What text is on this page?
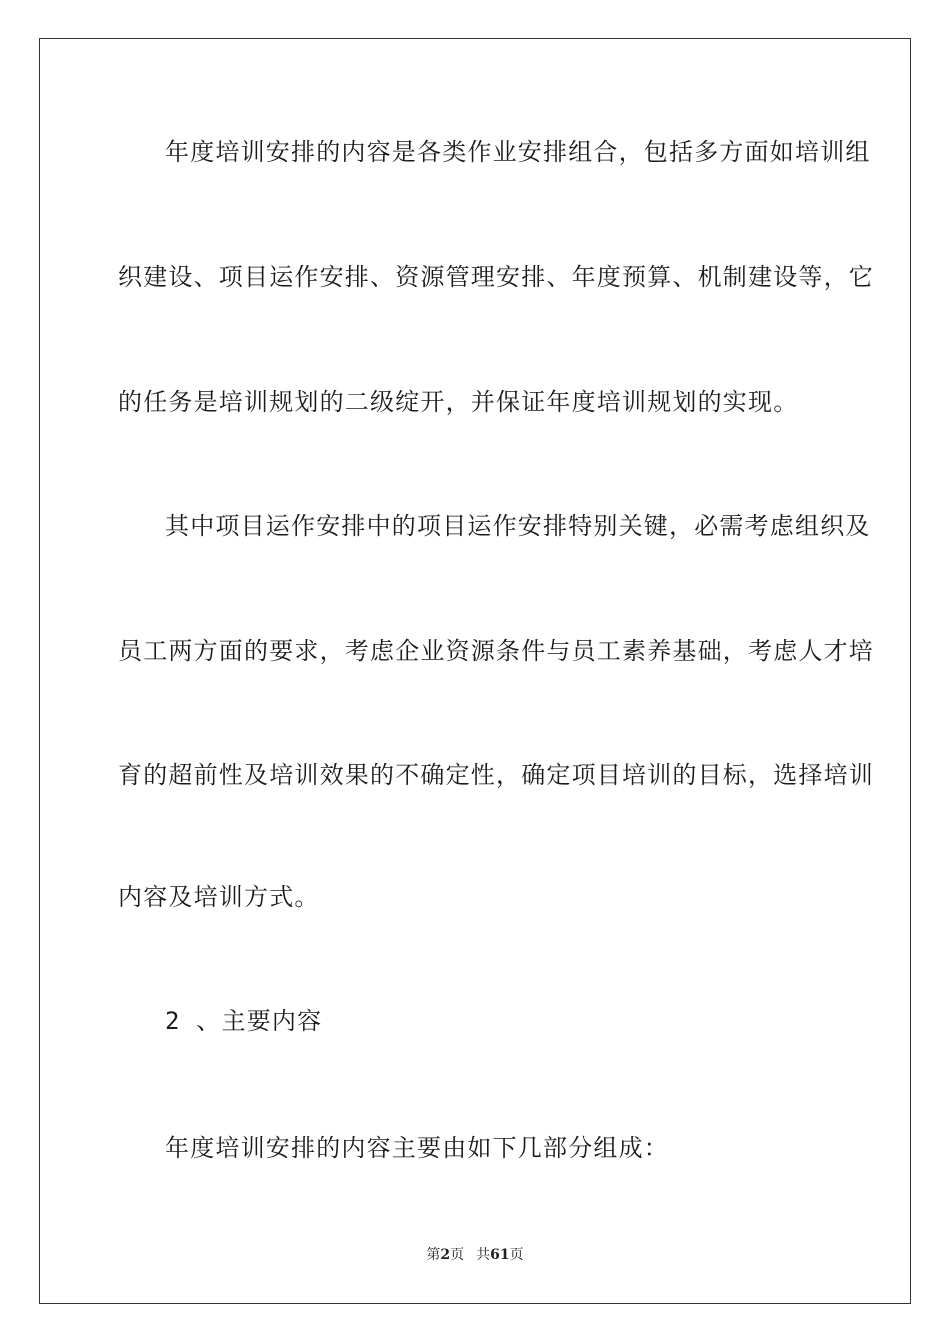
年度培训安排的内容是各类作业安排组合，包括多方面如培训组
织建设、项目运作安排、资源管理安排、年度预算、机制建设等，它
的任务是培训规划的二级绽开，并保证年度培训规划的实现。
其中项目运作安排中的项目运作安排特别关键，必需考虑组织及
员工两方面的要求，考虑企业资源条件与员工素养基础，考虑人才培
育的超前性及培训效果的不确定性，确定项目培训的目标，选择培训
内容及培训方式。
2 、主要内容
年度培训安排的内容主要由如下几部分组成：
第2页 共61页
